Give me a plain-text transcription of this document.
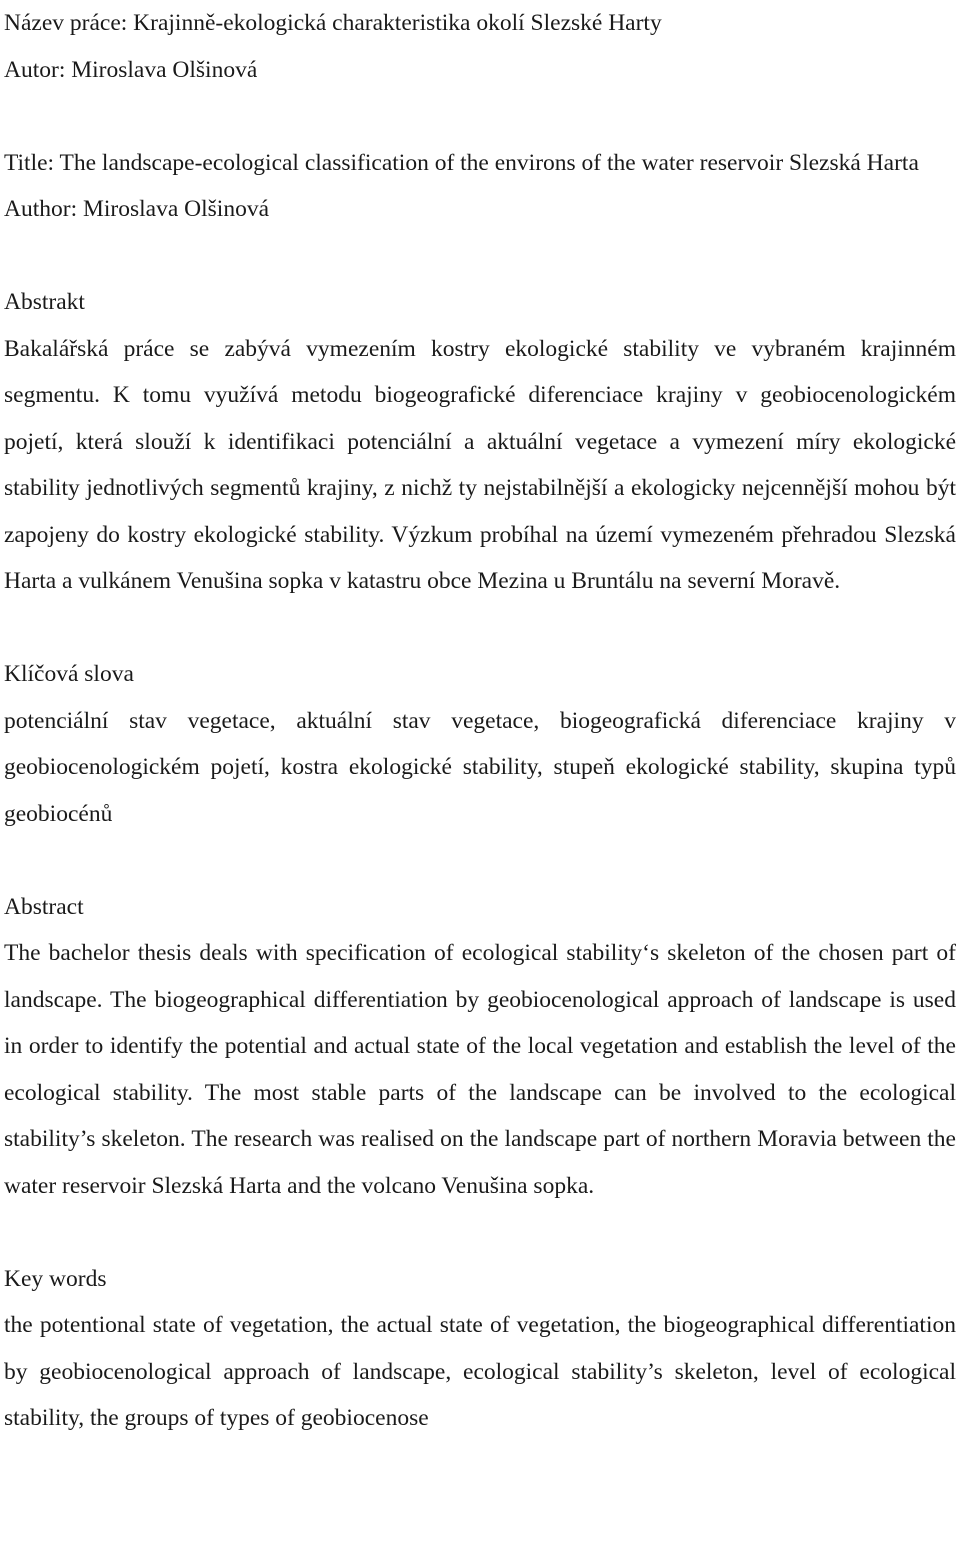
Název práce: Krajinně-ekologická charakteristika okolí Slezské Harty
Autor: Miroslava Olšinová
Title: The landscape-ecological classification of the environs of the water reservoir Slezská Harta
Author: Miroslava Olšinová
Abstrakt
Bakalářská práce se zabývá vymezením kostry ekologické stability ve vybraném krajinném segmentu. K tomu využívá metodu biogeografické diferenciace krajiny v geobiocenologickém pojetí, která slouží k identifikaci potenciální a aktuální vegetace a vymezení míry ekologické stability jednotlivých segmentů krajiny, z nichž ty nejstabilnější a ekologicky nejcennější mohou být zapojeny do kostry ekologické stability. Výzkum probíhal na území vymezeném přehradou Slezská Harta a vulkánem Venušina sopka v katastru obce Mezina u Bruntálu na severní Moravě.
Klíčová slova
potenciální stav vegetace, aktuální stav vegetace, biogeografická diferenciace krajiny v geobiocenologickém pojetí, kostra ekologické stability, stupeň ekologické stability, skupina typů geobiocénů
Abstract
The bachelor thesis deals with specification of ecological stability‘s skeleton of the chosen part of landscape. The biogeographical differentiation by geobiocenological approach of landscape is used in order to identify the potential and actual state of the local vegetation and establish the level of the ecological stability. The most stable parts of the landscape can be involved to the ecological stability’s skeleton. The research was realised on the landscape part of northern Moravia between the water reservoir Slezská Harta and the volcano Venušina sopka.
Key words
the potentional state of vegetation, the actual state of vegetation, the biogeographical differentiation by geobiocenological approach of landscape, ecological stability’s skeleton, level of ecological stability, the groups of types of geobiocenose
